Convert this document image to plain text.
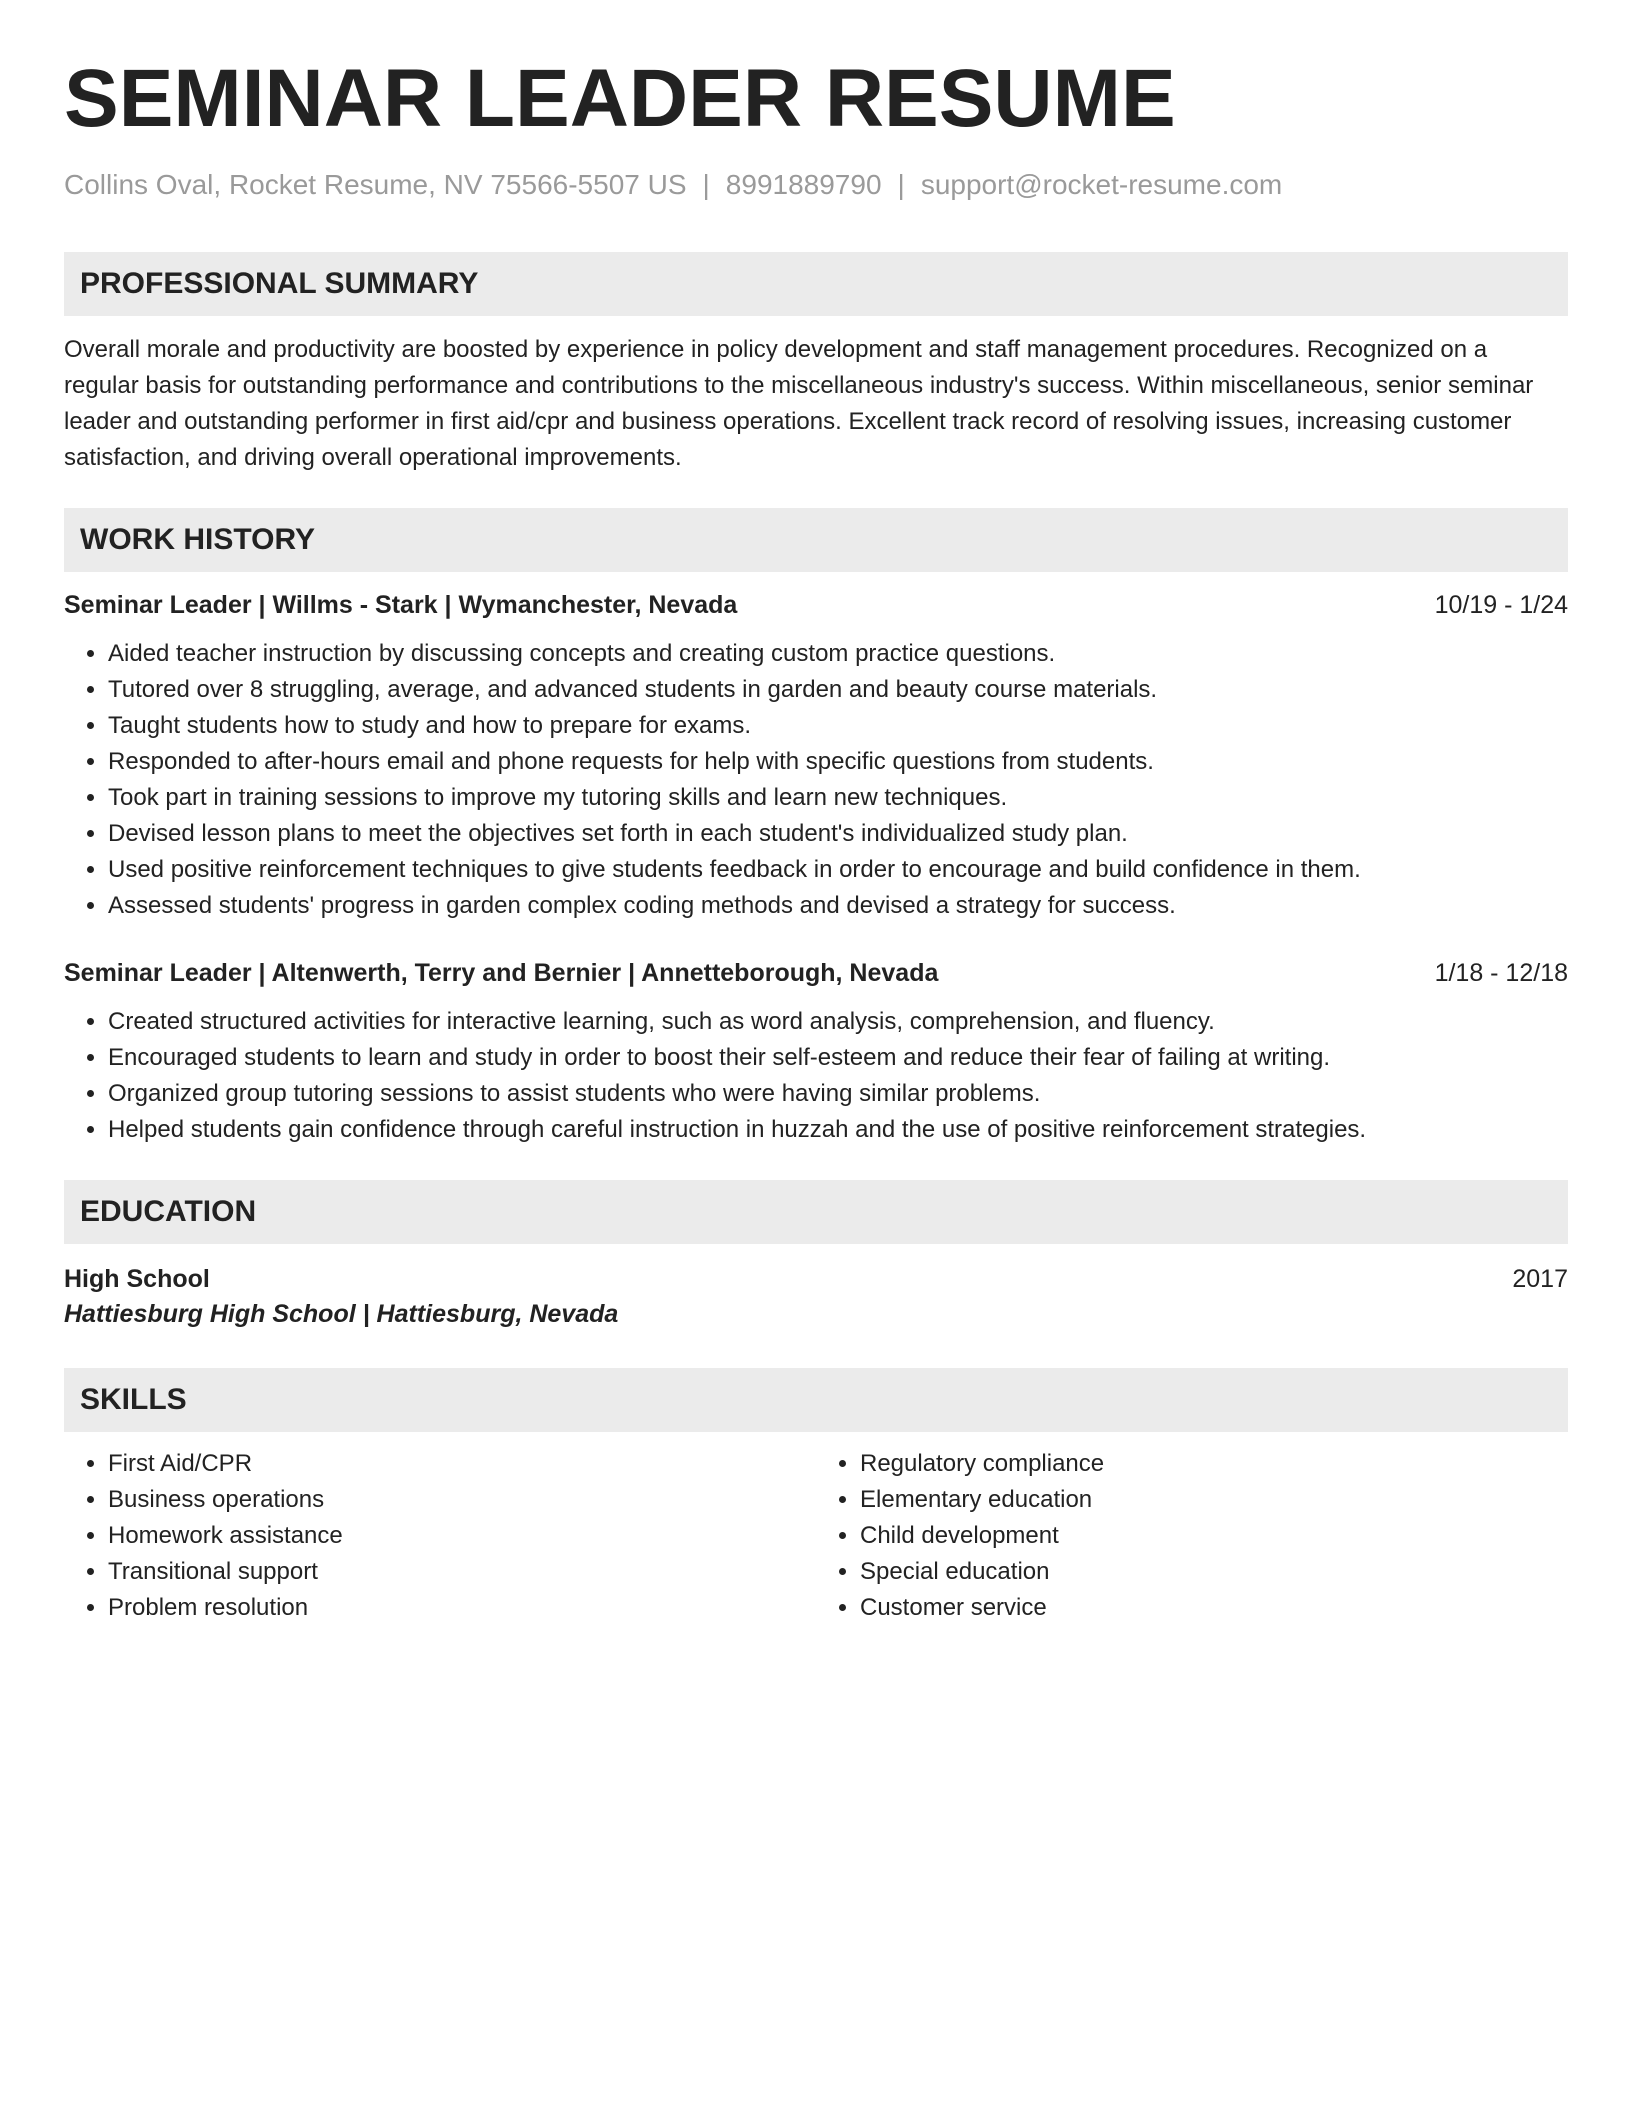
SEMINAR LEADER RESUME
Collins Oval, Rocket Resume, NV 75566-5507 US | 8991889790 | support@rocket-resume.com
PROFESSIONAL SUMMARY
Overall morale and productivity are boosted by experience in policy development and staff management procedures. Recognized on a regular basis for outstanding performance and contributions to the miscellaneous industry's success. Within miscellaneous, senior seminar leader and outstanding performer in first aid/cpr and business operations. Excellent track record of resolving issues, increasing customer satisfaction, and driving overall operational improvements.
WORK HISTORY
Seminar Leader | Willms - Stark | Wymanchester, Nevada	10/19 - 1/24
• Aided teacher instruction by discussing concepts and creating custom practice questions.
• Tutored over 8 struggling, average, and advanced students in garden and beauty course materials.
• Taught students how to study and how to prepare for exams.
• Responded to after-hours email and phone requests for help with specific questions from students.
• Took part in training sessions to improve my tutoring skills and learn new techniques.
• Devised lesson plans to meet the objectives set forth in each student's individualized study plan.
• Used positive reinforcement techniques to give students feedback in order to encourage and build confidence in them.
• Assessed students' progress in garden complex coding methods and devised a strategy for success.
Seminar Leader | Altenwerth, Terry and Bernier | Annetteborough, Nevada	1/18 - 12/18
• Created structured activities for interactive learning, such as word analysis, comprehension, and fluency.
• Encouraged students to learn and study in order to boost their self-esteem and reduce their fear of failing at writing.
• Organized group tutoring sessions to assist students who were having similar problems.
• Helped students gain confidence through careful instruction in huzzah and the use of positive reinforcement strategies.
EDUCATION
High School	2017
Hattiesburg High School | Hattiesburg, Nevada
SKILLS
• First Aid/CPR
• Business operations
• Homework assistance
• Transitional support
• Problem resolution
• Regulatory compliance
• Elementary education
• Child development
• Special education
• Customer service
